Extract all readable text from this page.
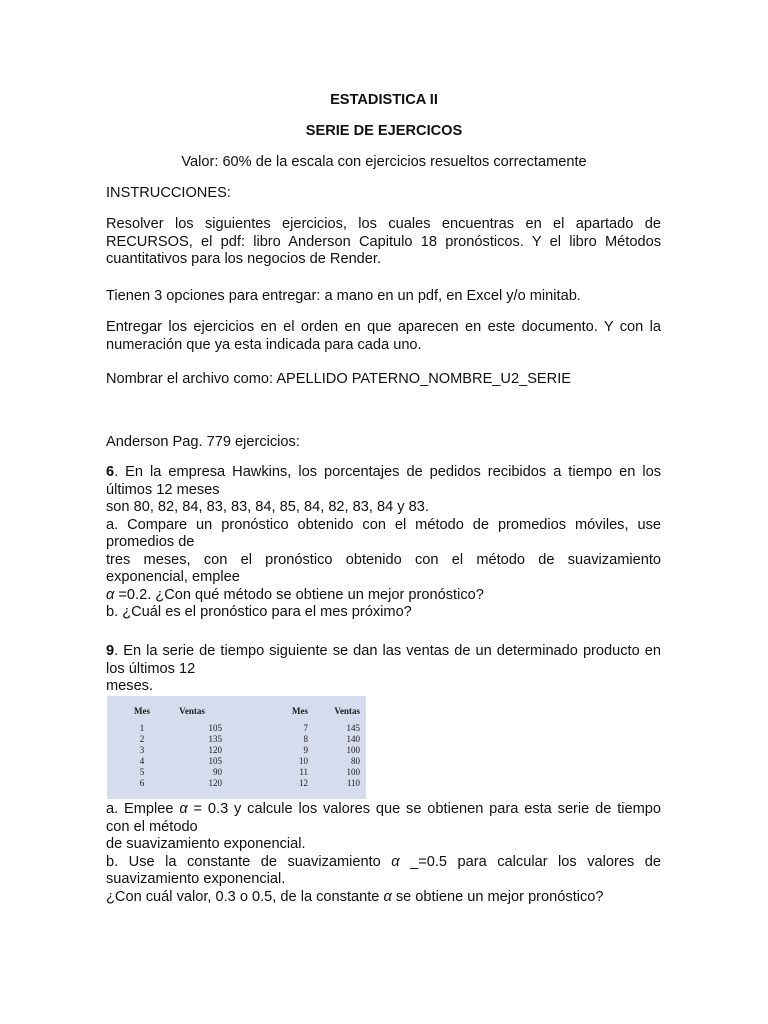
ESTADISTICA II

SERIE DE EJERCICOS

Valor: 60% de la escala con ejercicios resueltos correctamente

INSTRUCCIONES:

Resolver los siguientes ejercicios, los cuales encuentras en el apartado de
RECURSOS, el pdf: libro Anderson Capitulo 18 pronósticos. Y el libro Métodos
cuantitativos para los negocios de Render.

Tienen 3 opciones para entregar: a mano en un pdf, en Excel y/o minitab.

Entregar los ejercicios en el orden en que aparecen en este documento. Y con la
numeración que ya esta indicada para cada uno.

Nombrar el archivo como: APELLIDO PATERNO_NOMBRE_U2_SERIE

Anderson Pag. 779 ejercicios:

6. En la empresa Hawkins, los porcentajes de pedidos recibidos a tiempo en los
últimos 12 meses
son 80, 82, 84, 83, 83, 84, 85, 84, 82, 83, 84 y 83.
a. Compare un pronóstico obtenido con el método de promedios móviles, use
promedios de
tres meses, con el pronóstico obtenido con el método de suavizamiento
exponencial, emplee
α =0.2. ¿Con qué método se obtiene un mejor pronóstico?
b. ¿Cuál es el pronóstico para el mes próximo?
9. En la serie de tiempo siguiente se dan las ventas de un determinado producto en
los últimos 12
meses.
Mes	Ventas		Mes	Ventas
1	105		7	145
2	135		8	140
3	120		9	100
4	105		10	80
5	90		11	100
6	120		12	110
a. Emplee α = 0.3 y calcule los valores que se obtienen para esta serie de tiempo
con el método
de suavizamiento exponencial.
b. Use la constante de suavizamiento α _=0.5 para calcular los valores de
suavizamiento exponencial.
¿Con cuál valor, 0.3 o 0.5, de la constante α se obtiene un mejor pronóstico?
